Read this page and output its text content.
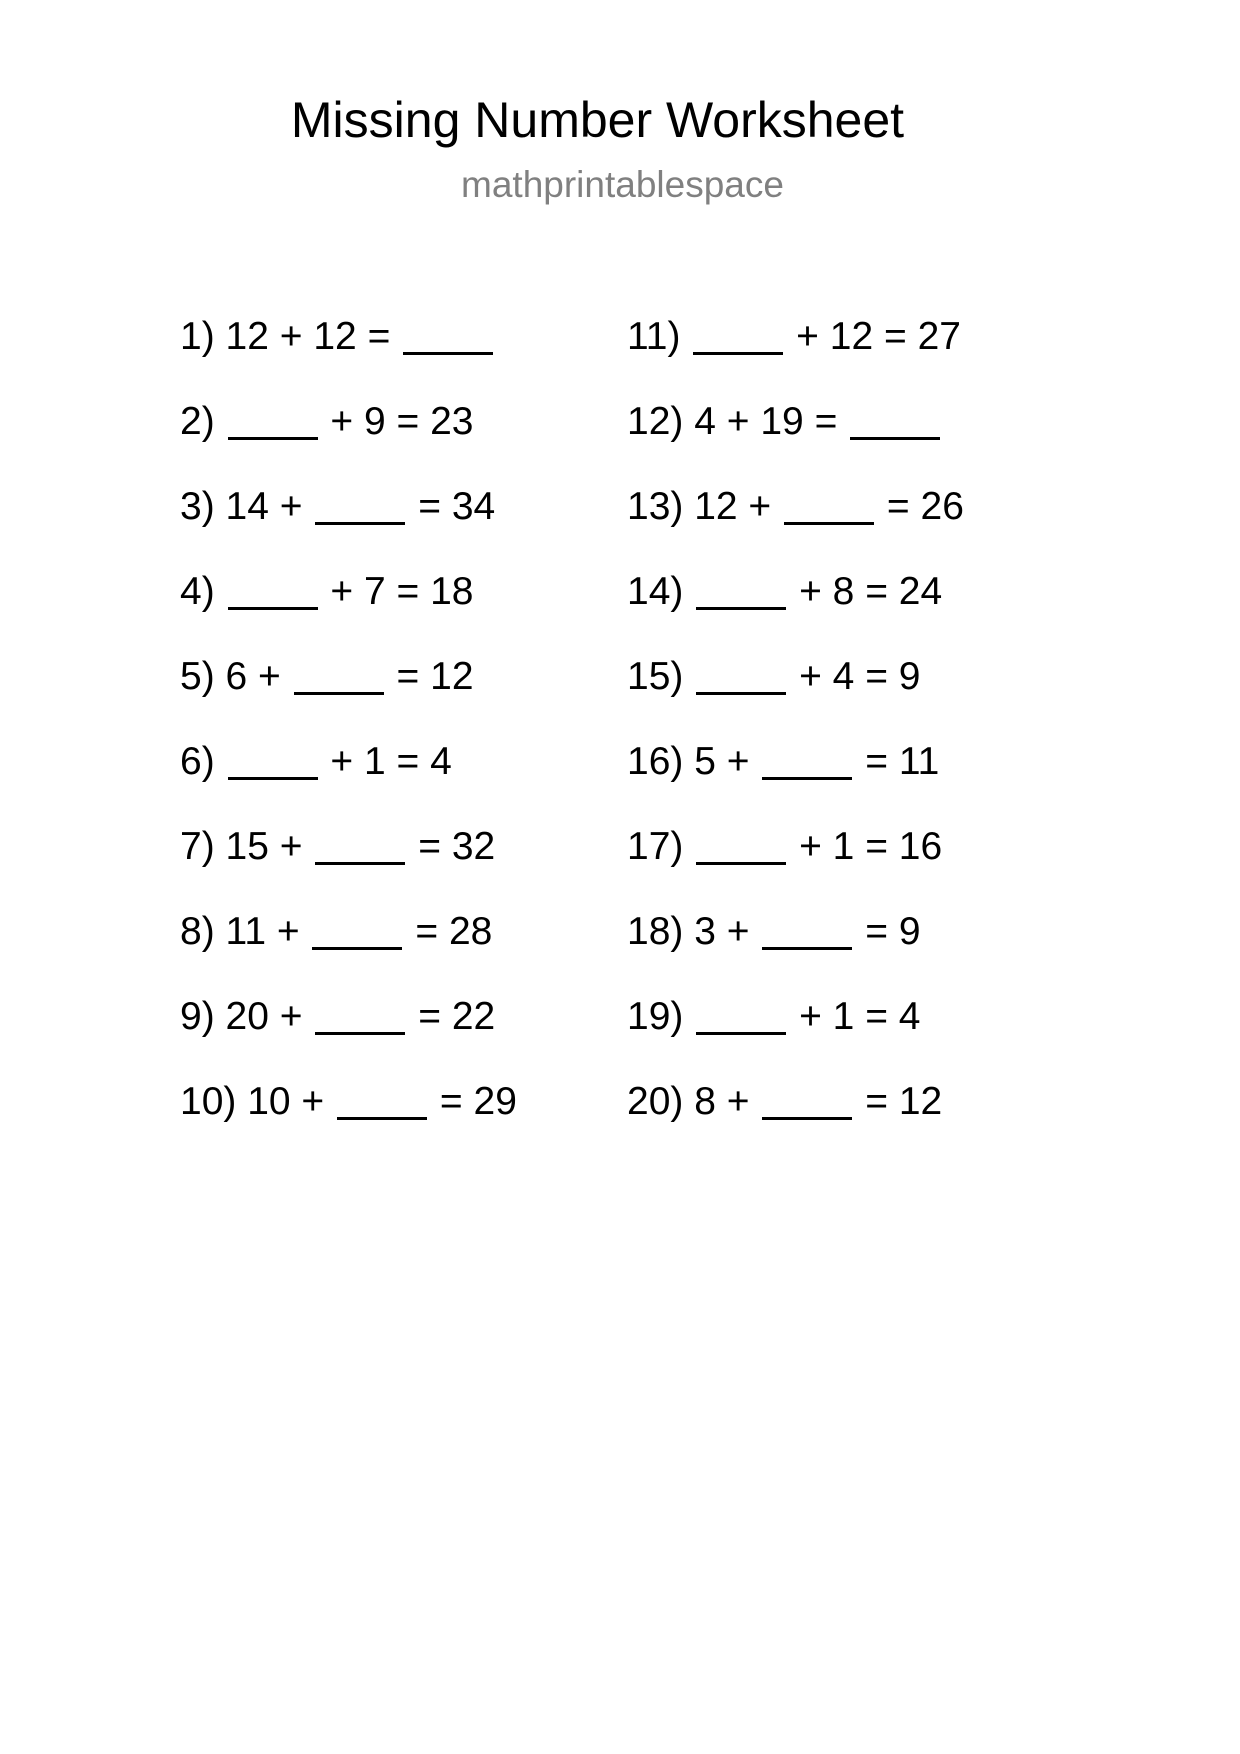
Missing Number Worksheet
mathprintablespace
1) 12 + 12 =
2)	+ 9 = 23
3) 14 +	= 34
4)	+ 7 = 18
5) 6 +	= 12
6)	+ 1 = 4
7) 15 +	= 32
8) 11 +	= 28
9) 20 +	= 22
10) 10 +	= 29
11)	+ 12 = 27
12) 4 + 19 =
13) 12 +	= 26
14)	+ 8 = 24
15)	+ 4 = 9
16) 5 +	= 11
17)	+ 1 = 16
18) 3 +	= 9
19)	+ 1 = 4
20) 8 +	= 12
